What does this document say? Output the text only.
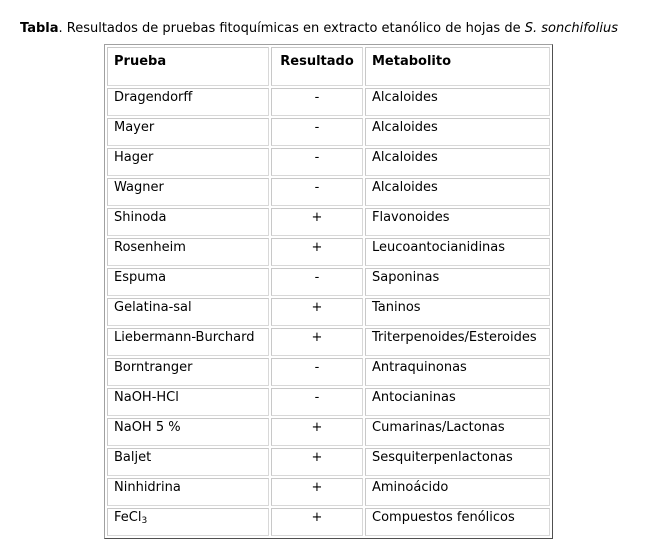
Tabla. Resultados de pruebas fitoquímicas en extracto etanólico de hojas de S. sonchifolius
Prueba	Resultado	Metabolito
Dragendorff	-	Alcaloides
Mayer	-	Alcaloides
Hager	-	Alcaloides
Wagner	-	Alcaloides
Shinoda	+	Flavonoides
Rosenheim	+	Leucoantocianidinas
Espuma	-	Saponinas
Gelatina-sal	+	Taninos
Liebermann-Burchard	+	Triterpenoides/Esteroides
Borntranger	-	Antraquinonas
NaOH-HCl	-	Antocianinas
NaOH 5 %	+	Cumarinas/Lactonas
Baljet	+	Sesquiterpenlactonas
Ninhidrina	+	Aminoácido
FeCl$_3$	+	Compuestos fenólicos
